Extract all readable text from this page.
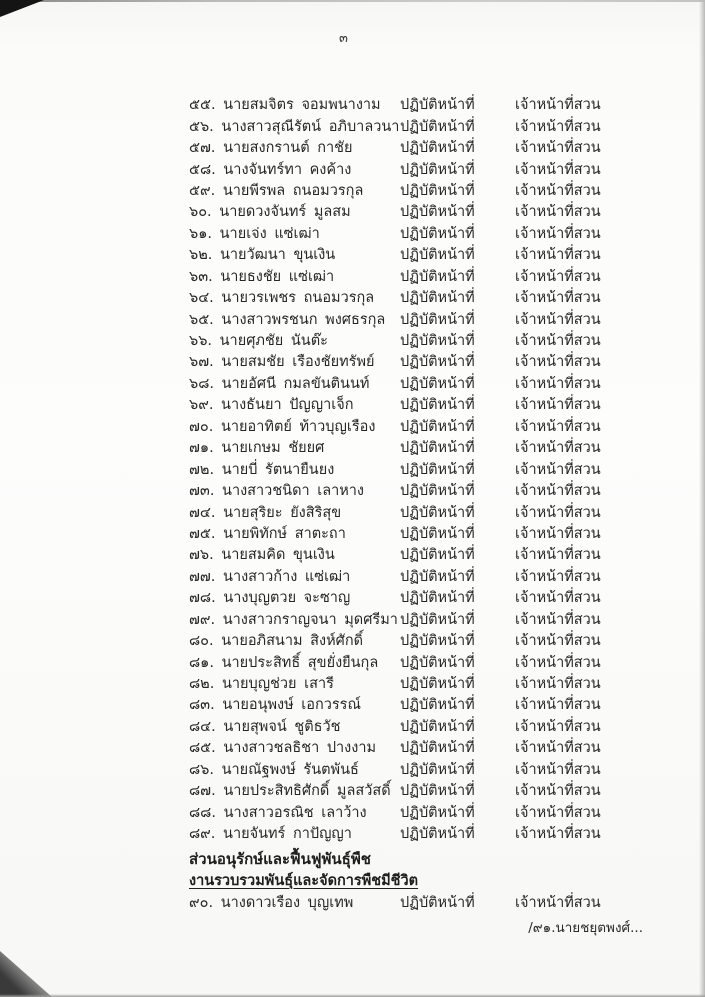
๓
๕๕. นายสมจิตร จอมพนางาม	ปฏิบัติหน้าที่	เจ้าหน้าที่สวน
๕๖. นางสาวสุณีรัตน์ อภิบาลวนา ปฏิบัติหน้าที่	เจ้าหน้าที่สวน
๕๗. นายสงกรานต์ กาชัย	ปฏิบัติหน้าที่	เจ้าหน้าที่สวน
๕๘. นางจันทร์ทา คงค้าง	ปฏิบัติหน้าที่	เจ้าหน้าที่สวน
๕๙. นายพีรพล ถนอมวรกุล	ปฏิบัติหน้าที่	เจ้าหน้าที่สวน
๖๐. นายดวงจันทร์ มูลสม	ปฏิบัติหน้าที่	เจ้าหน้าที่สวน
๖๑. นายเจ่ง แซ่เฒ่า	ปฏิบัติหน้าที่	เจ้าหน้าที่สวน
๖๒. นายวัฒนา ขุนเงิน	ปฏิบัติหน้าที่	เจ้าหน้าที่สวน
๖๓. นายธงชัย แซ่เฒ่า	ปฏิบัติหน้าที่	เจ้าหน้าที่สวน
๖๔. นายวรเพชร ถนอมวรกุล	ปฏิบัติหน้าที่	เจ้าหน้าที่สวน
๖๕. นางสาวพรชนก พงศธรกุล	ปฏิบัติหน้าที่	เจ้าหน้าที่สวน
๖๖. นายศุภชัย นันต๊ะ	ปฏิบัติหน้าที่	เจ้าหน้าที่สวน
๖๗. นายสมชัย เรืองชัยทรัพย์	ปฏิบัติหน้าที่	เจ้าหน้าที่สวน
๖๘. นายอัศนี กมลขันตินนท์	ปฏิบัติหน้าที่	เจ้าหน้าที่สวน
๖๙. นางธันยา ปัญญาเจ็ก	ปฏิบัติหน้าที่	เจ้าหน้าที่สวน
๗๐. นายอาทิตย์ ท้าวบุญเรือง	ปฏิบัติหน้าที่	เจ้าหน้าที่สวน
๗๑. นายเกษม ชัยยศ	ปฏิบัติหน้าที่	เจ้าหน้าที่สวน
๗๒. นายบี่ รัตนายืนยง	ปฏิบัติหน้าที่	เจ้าหน้าที่สวน
๗๓. นางสาวชนิดา เลาหาง	ปฏิบัติหน้าที่	เจ้าหน้าที่สวน
๗๔. นายสุริยะ ยังสิริสุข	ปฏิบัติหน้าที่	เจ้าหน้าที่สวน
๗๕. นายพิทักษ์ สาตะถา	ปฏิบัติหน้าที่	เจ้าหน้าที่สวน
๗๖. นายสมคิด ขุนเงิน	ปฏิบัติหน้าที่	เจ้าหน้าที่สวน
๗๗. นางสาวก้าง แซ่เฒ่า	ปฏิบัติหน้าที่	เจ้าหน้าที่สวน
๗๘. นางบุญตวย จะซาญ	ปฏิบัติหน้าที่	เจ้าหน้าที่สวน
๗๙. นางสาวกราญจนา มุดศรีมา ปฏิบัติหน้าที่	เจ้าหน้าที่สวน
๘๐. นายอภิสนาม สิงห์ศักดิ์	ปฏิบัติหน้าที่	เจ้าหน้าที่สวน
๘๑. นายประสิทธิ์ สุขยั่งยืนกุล	ปฏิบัติหน้าที่	เจ้าหน้าที่สวน
๘๒. นายบุญช่วย เสารี	ปฏิบัติหน้าที่	เจ้าหน้าที่สวน
๘๓. นายอนุพงษ์ เอกวรรณ์	ปฏิบัติหน้าที่	เจ้าหน้าที่สวน
๘๔. นายสุพจน์ ชูติธวัช	ปฏิบัติหน้าที่	เจ้าหน้าที่สวน
๘๕. นางสาวชลธิชา ปางงาม	ปฏิบัติหน้าที่	เจ้าหน้าที่สวน
๘๖. นายณัฐพงษ์ รันตพันธ์	ปฏิบัติหน้าที่	เจ้าหน้าที่สวน
๘๗. นายประสิทธิศักดิ์ มูลสวัสดิ์ ปฏิบัติหน้าที่	เจ้าหน้าที่สวน
๘๘. นางสาวอรณิช เลาว้าง	ปฏิบัติหน้าที่	เจ้าหน้าที่สวน
๘๙. นายจันทร์ กาปัญญา	ปฏิบัติหน้าที่	เจ้าหน้าที่สวน
ส่วนอนุรักษ์และฟื้นฟูพันธุ์พืช
งานรวบรวมพันธุ์และจัดการพืชมีชีวิต
๙๐. นางดาวเรือง บุญเทพ	ปฏิบัติหน้าที่	เจ้าหน้าที่สวน
/๙๑.นายชยุตพงศ์...
